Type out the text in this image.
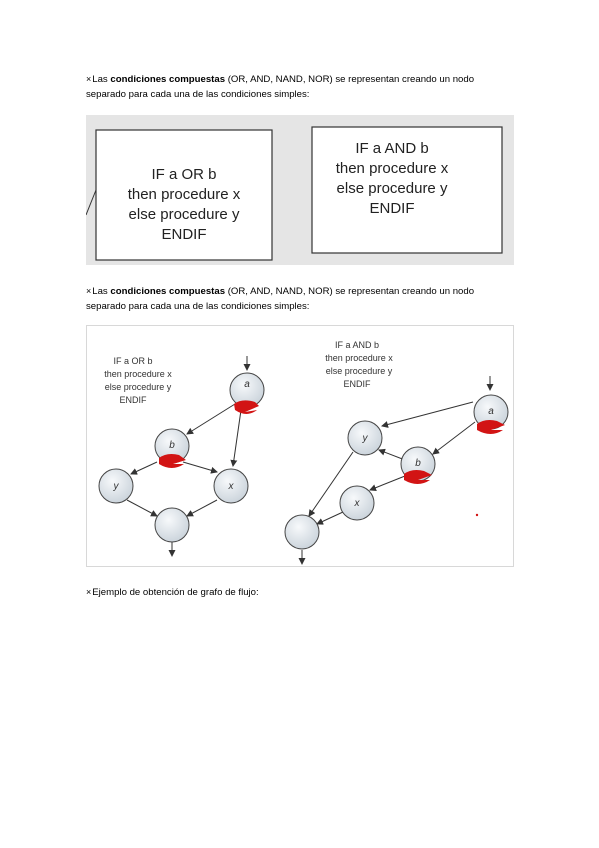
×Las condiciones compuestas (OR, AND, NAND, NOR) se representan creando un nodo
separado para cada una de las condiciones simples:
IF a OR b
then procedure x
else procedure y
ENDIF
IF a AND b
then procedure x
else procedure y
ENDIF
×Las condiciones compuestas (OR, AND, NAND, NOR) se representan creando un nodo
separado para cada una de las condiciones simples:
IF a OR b
then procedure x
else procedure y
ENDIF
IF a AND b
then procedure x
else procedure y
ENDIF
a
b
y	x
a
y
b
x
×Ejemplo de obtención de grafo de flujo:
